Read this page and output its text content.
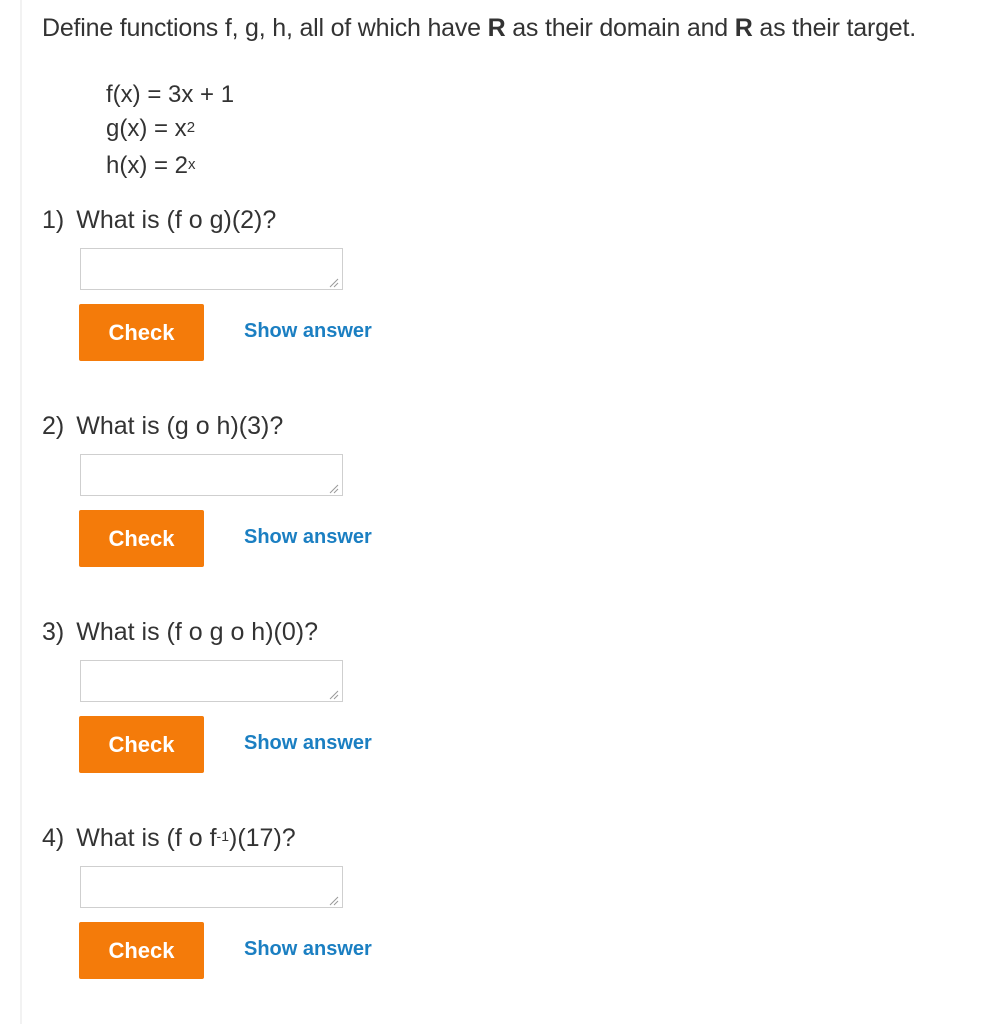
Define functions f, g, h, all of which have R as their domain and R as their target.
f(x) = 3x + 1
$g(x) = x^2$
$h(x) = 2^x$
1) What is (f o g)(2)?
Check	Show answer
2) What is (g o h)(3)?
Check	Show answer
3) What is (f o g o h)(0)?
Check	Show answer
4) What is (f o $f^{-1})(17)$?
Check	Show answer
